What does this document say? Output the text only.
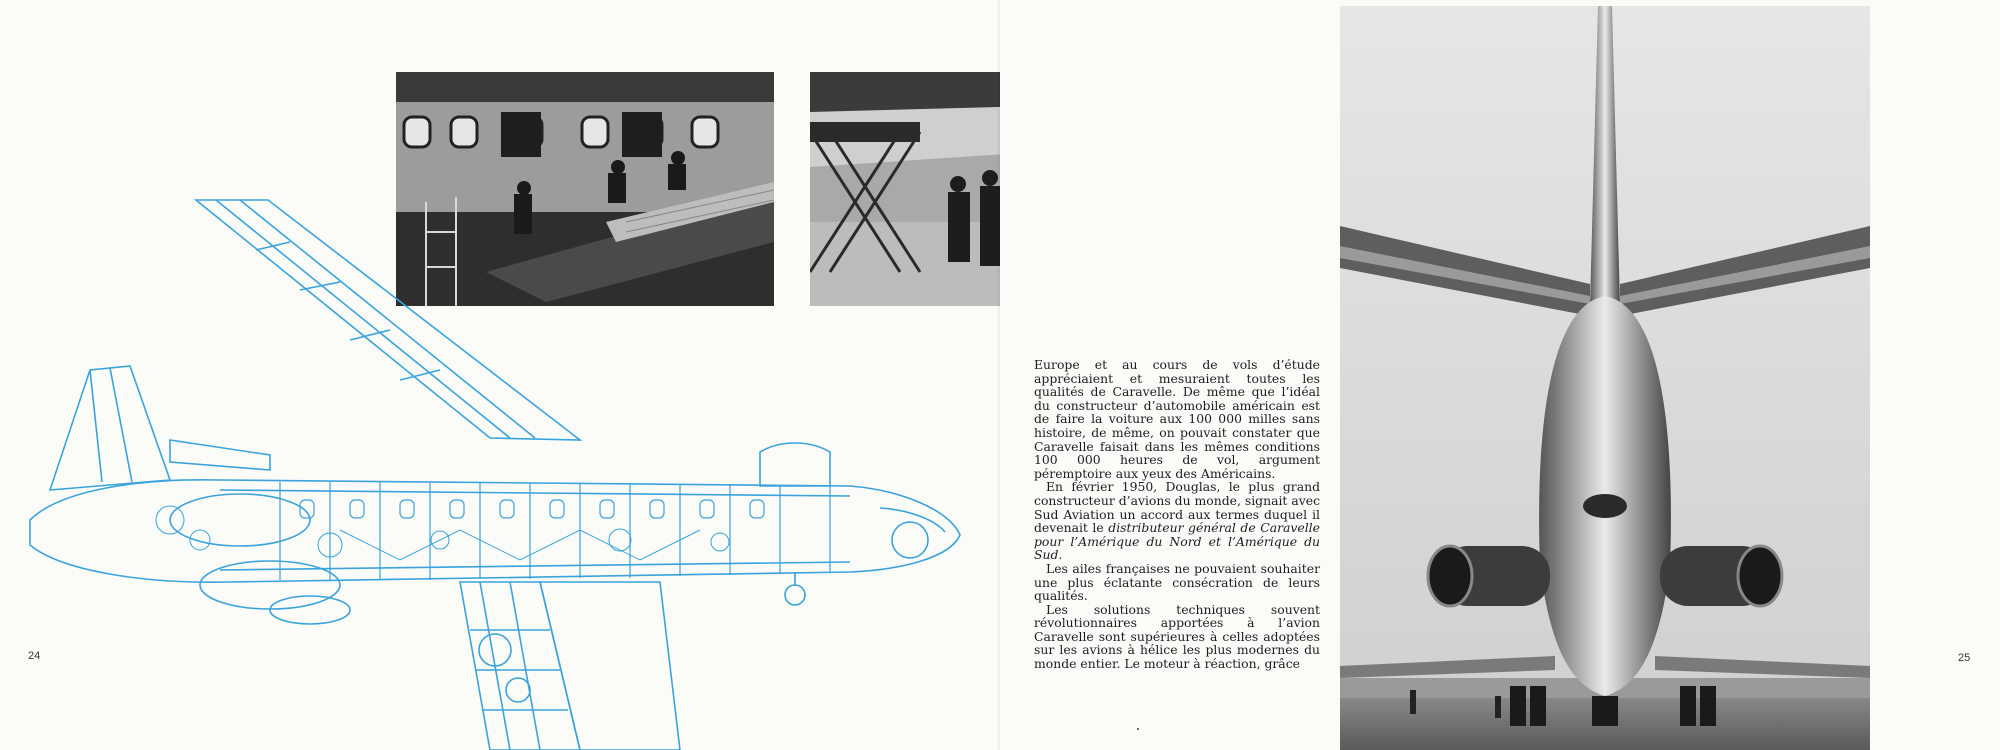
24

Europe et au cours de vols d’étude appréciaient et mesuraient toutes les qualités de Caravelle. De même que l’idéal du constructeur d’automobile américain est de faire la voiture aux 100 000 milles sans histoire, de même, on pouvait constater que Caravelle faisait dans les mêmes conditions 100 000 heures de vol, argument péremptoire aux yeux des Américains.

En février 1950, Douglas, le plus grand constructeur d’avions du monde, signait avec Sud Aviation un accord aux termes duquel il devenait le distributeur général de Caravelle pour l’Amérique du Nord et l’Amérique du Sud.

Les ailes françaises ne pouvaient souhaiter une plus éclatante consécration de leurs qualités.

Les solutions techniques souvent révolutionnaires apportées à l’avion Caravelle sont supérieures à celles adoptées sur les avions à hélice les plus modernes du monde entier. Le moteur à réaction, grâce	25
